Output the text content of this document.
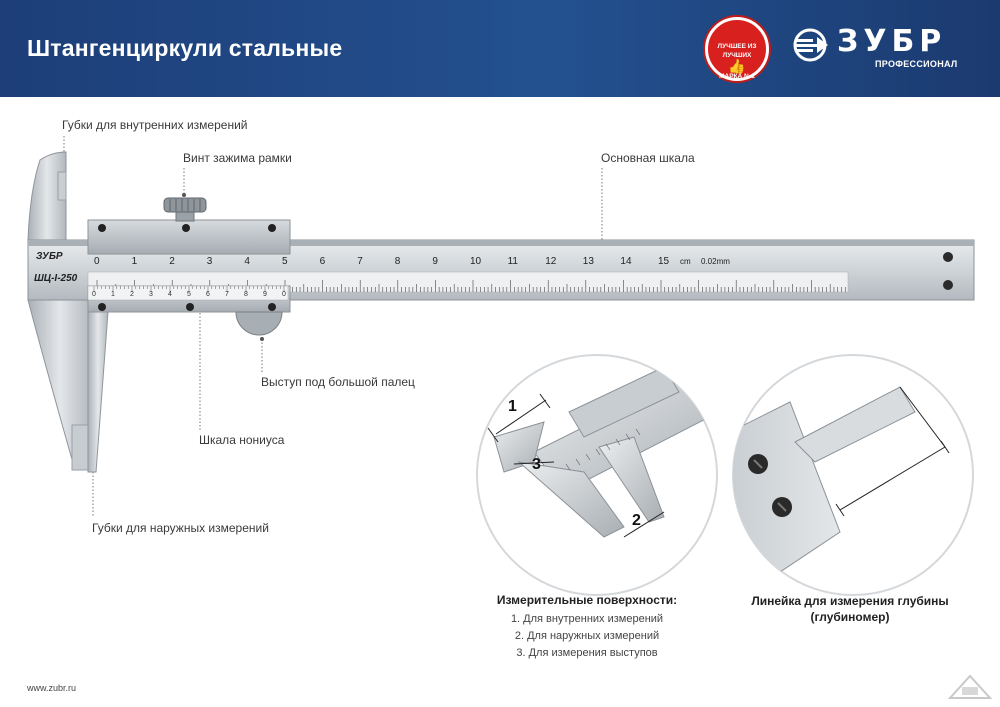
Штангенциркули стальные	ЛУЧШЕЕ ИЗ ЛУЧШИХ
👍
МАРКА №1
ЗУБР
ПРОФЕССИОНАЛ
Губки для внутренних измерений
Винт зажима рамки	Основная шкала
Выступ под большой палец
Шкала нониуса
Губки для наружных измерений
ЗУБР
ШЦ-I-250
0	1	2	3	4	5	6	7	8	9	10	11	12	13	14	15 cm 0.02mm
0 1 2 3 4 5 6 7 8 9 0
1
2
3
Измерительные поверхности:
1. Для внутренних измерений
2. Для наружных измерений
3. Для измерения выступов
Линейка для измерения глубины
(глубиномер)
www.zubr.ru
